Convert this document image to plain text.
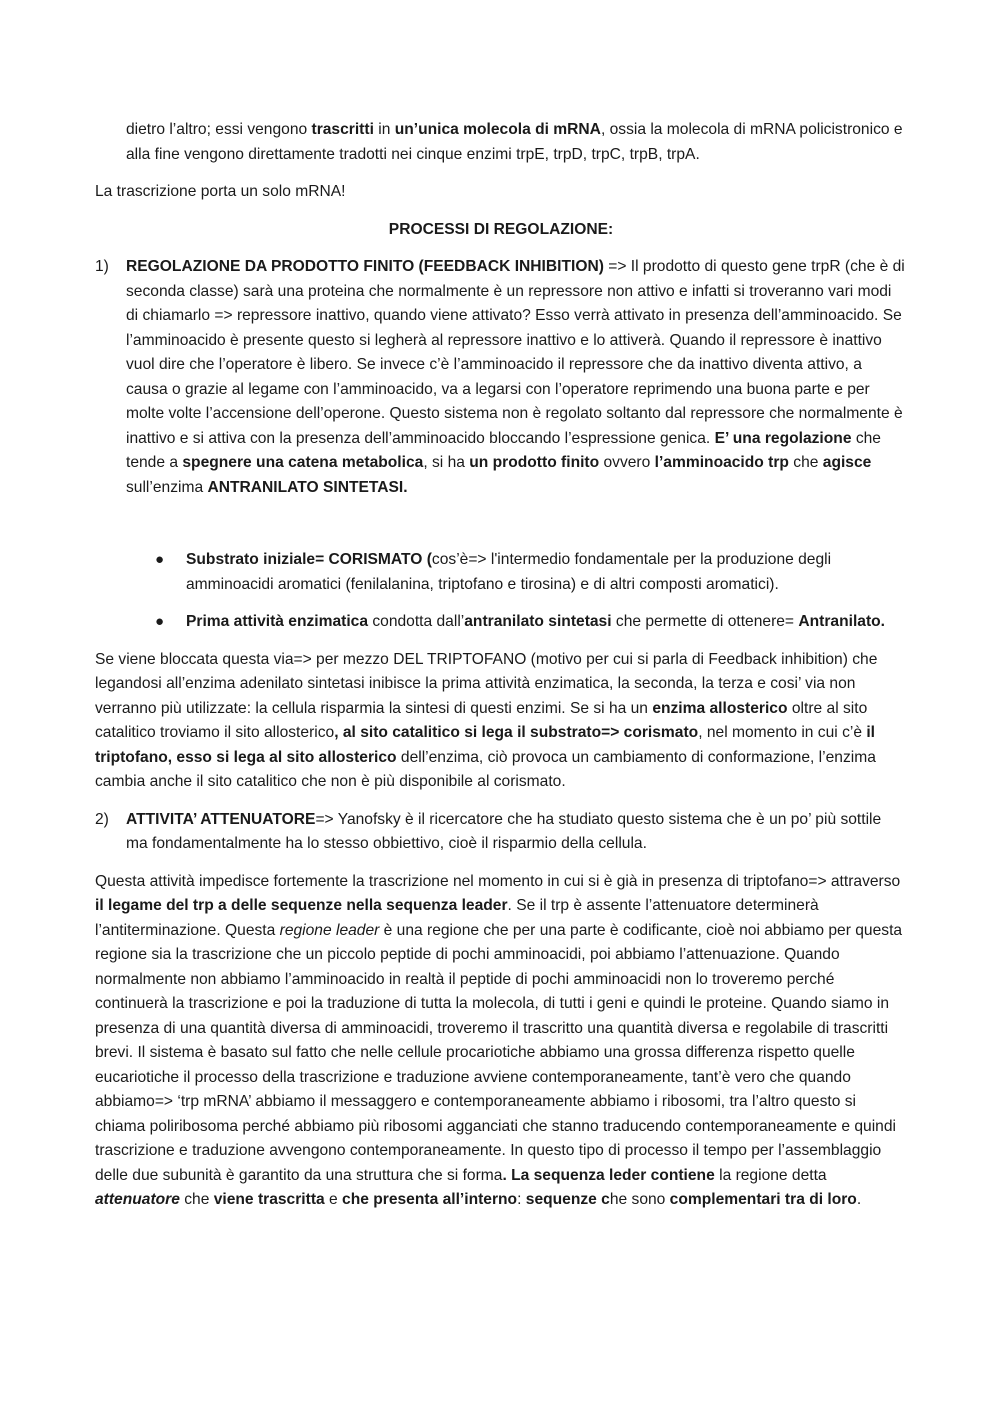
dietro l’altro; essi vengono trascritti in un’unica molecola di mRNA, ossia la molecola di mRNA policistronico e alla fine vengono direttamente tradotti nei cinque enzimi trpE, trpD, trpC, trpB, trpA.

La trascrizione porta un solo mRNA!

PROCESSI DI REGOLAZIONE:

1)	REGOLAZIONE DA PRODOTTO FINITO (FEEDBACK INHIBITION) => Il prodotto di questo gene trpR (che è di seconda classe) sarà una proteina che normalmente è un repressore non attivo e infatti si troveranno vari modi di chiamarlo => repressore inattivo, quando viene attivato? Esso verrà attivato in presenza dell’amminoacido. Se l’amminoacido è presente questo si legherà al repressore inattivo e lo attiverà. Quando il repressore è inattivo vuol dire che l’operatore è libero. Se invece c’è l’amminoacido il repressore che da inattivo diventa attivo, a causa o grazie al legame con l’amminoacido, va a legarsi con l’operatore reprimendo una buona parte e per molte volte l’accensione dell’operone. Questo sistema non è regolato soltanto dal repressore che normalmente è inattivo e si attiva con la presenza dell’amminoacido bloccando l’espressione genica. E’ una regolazione che tende a spegnere una catena metabolica, si ha un prodotto finito ovvero l’amminoacido trp che agisce sull’enzima ANTRANILATO SINTETASI.
●	Substrato iniziale= CORISMATO (cos’è=> l'intermedio fondamentale per la produzione degli amminoacidi aromatici (fenilalanina, triptofano e tirosina) e di altri composti aromatici).
●	Prima attività enzimatica condotta dall’antranilato sintetasi che permette di ottenere= Antranilato.

Se viene bloccata questa via=> per mezzo DEL TRIPTOFANO (motivo per cui si parla di Feedback inhibition) che legandosi all’enzima adenilato sintetasi inibisce la prima attività enzimatica, la seconda, la terza e cosi’ via non verranno più utilizzate: la cellula risparmia la sintesi di questi enzimi. Se si ha un enzima allosterico oltre al sito catalitico troviamo il sito allosterico, al sito catalitico si lega il substrato=> corismato, nel momento in cui c’è il triptofano, esso si lega al sito allosterico dell’enzima, ciò provoca un cambiamento di conformazione, l’enzima cambia anche il sito catalitico che non è più disponibile al corismato.

2)	ATTIVITA’ ATTENUATORE=> Yanofsky è il ricercatore che ha studiato questo sistema che è un po’ più sottile ma fondamentalmente ha lo stesso obbiettivo, cioè il risparmio della cellula.

Questa attività impedisce fortemente la trascrizione nel momento in cui si è già in presenza di triptofano=> attraverso il legame del trp a delle sequenze nella sequenza leader. Se il trp è assente l’attenuatore determinerà l’antiterminazione. Questa regione leader è una regione che per una parte è codificante, cioè noi abbiamo per questa regione sia la trascrizione che un piccolo peptide di pochi amminoacidi, poi abbiamo l’attenuazione. Quando normalmente non abbiamo l’amminoacido in realtà il peptide di pochi amminoacidi non lo troveremo perché continuerà la trascrizione e poi la traduzione di tutta la molecola, di tutti i geni e quindi le proteine. Quando siamo in presenza di una quantità diversa di amminoacidi, troveremo il trascritto una quantità diversa e regolabile di trascritti brevi. Il sistema è basato sul fatto che nelle cellule procariotiche abbiamo una grossa differenza rispetto quelle eucariotiche il processo della trascrizione e traduzione avviene contemporaneamente, tant’è vero che quando abbiamo=> ‘trp mRNA’ abbiamo il messaggero e contemporaneamente abbiamo i ribosomi, tra l’altro questo si chiama poliribosoma perché abbiamo più ribosomi agganciati che stanno traducendo contemporaneamente e quindi trascrizione e traduzione avvengono contemporaneamente. In questo tipo di processo il tempo per l’assemblaggio delle due subunità è garantito da una struttura che si forma. La sequenza leder contiene la regione detta attenuatore che viene trascritta e che presenta all’interno: sequenze che sono complementari tra di loro.
